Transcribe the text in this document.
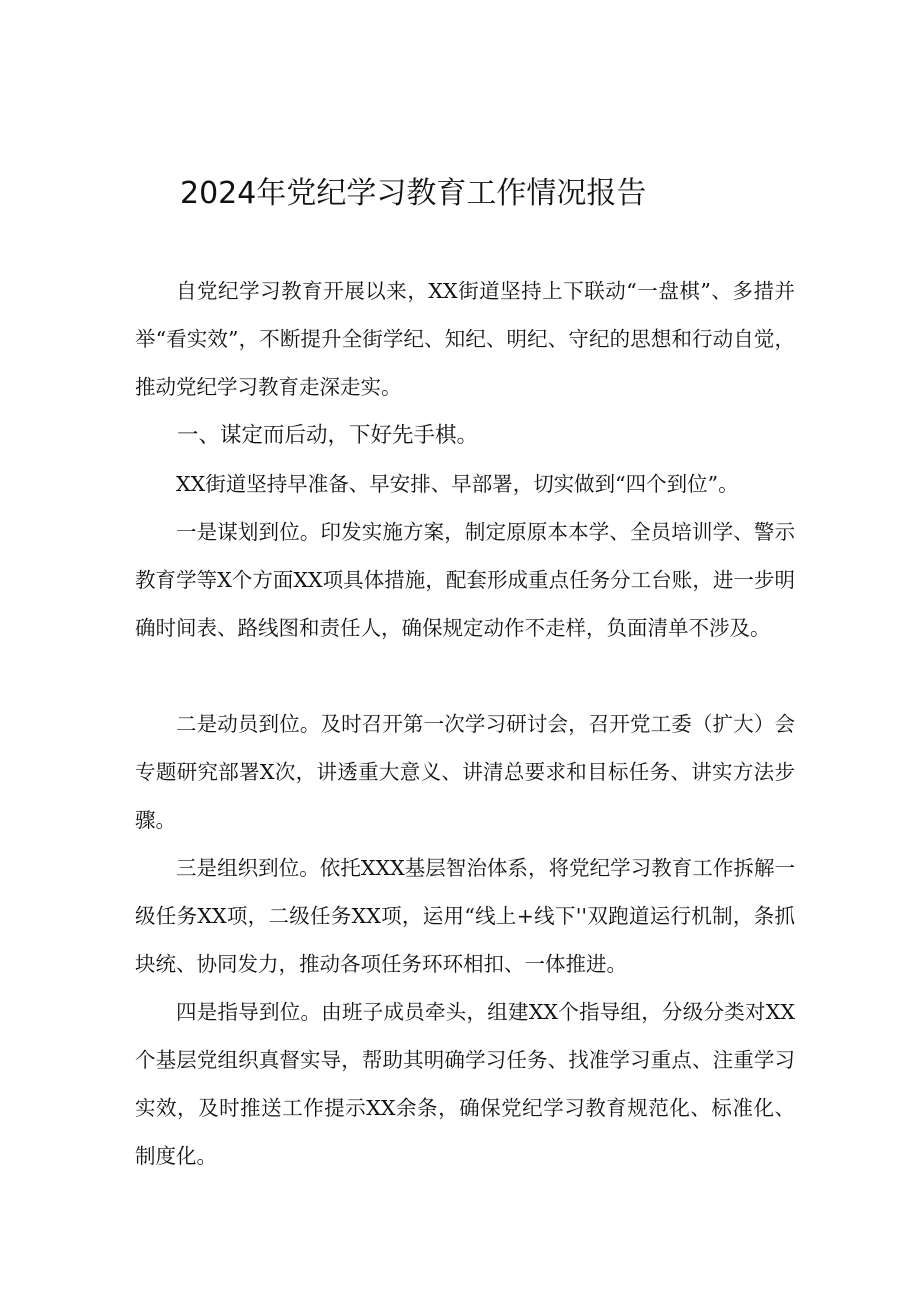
2024年党纪学习教育工作情况报告

自党纪学习教育开展以来，XX街道坚持上下联动“一盘棋”、多措并举“看实效”，不断提升全街学纪、知纪、明纪、守纪的思想和行动自觉，推动党纪学习教育走深走实。

一、谋定而后动，下好先手棋。

XX街道坚持早准备、早安排、早部署，切实做到“四个到位”。

一是谋划到位。印发实施方案，制定原原本本学、全员培训学、警示教育学等X个方面XX项具体措施，配套形成重点任务分工台账，进一步明确时间表、路线图和责任人，确保规定动作不走样，负面清单不涉及。

二是动员到位。及时召开第一次学习研讨会，召开党工委（扩大）会专题研究部署X次，讲透重大意义、讲清总要求和目标任务、讲实方法步骤。

三是组织到位。依托XXX基层智治体系，将党纪学习教育工作拆解一级任务XX项，二级任务XX项，运用“线上+线下''双跑道运行机制，条抓块统、协同发力，推动各项任务环环相扣、一体推进。

四是指导到位。由班子成员牵头，组建XX个指导组，分级分类对XX个基层党组织真督实导，帮助其明确学习任务、找准学习重点、注重学习实效，及时推送工作提示XX余条，确保党纪学习教育规范化、标准化、制度化。
